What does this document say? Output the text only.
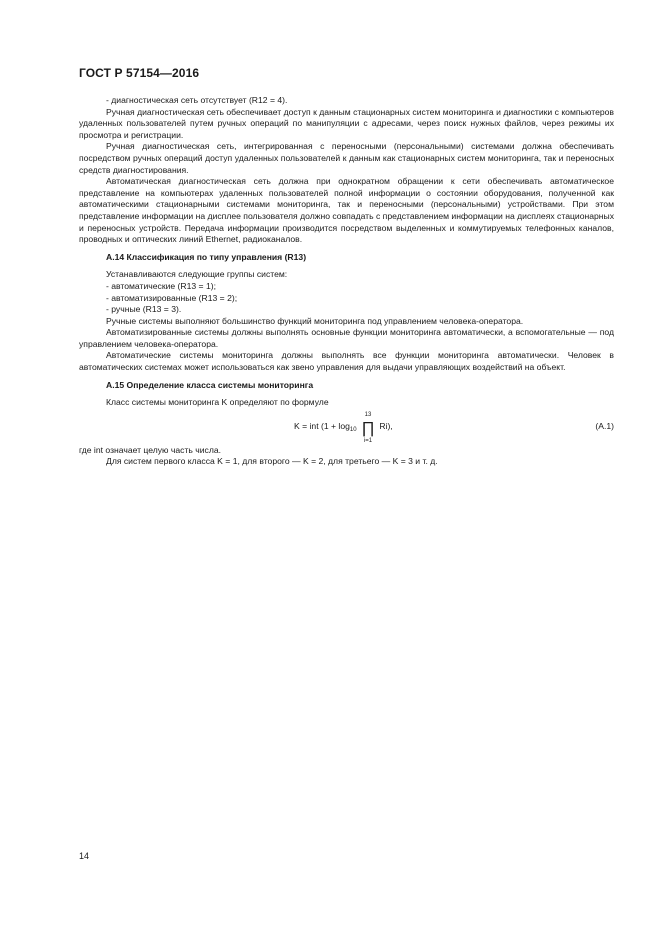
ГОСТ Р 57154—2016

- диагностическая сеть отсутствует (R12 = 4).

Ручная диагностическая сеть обеспечивает доступ к данным стационарных систем мониторинга и диагностики с компьютеров удаленных пользователей путем ручных операций по манипуляции с адресами, через поиск нужных файлов, через режимы их просмотра и регистрации.

Ручная диагностическая сеть, интегрированная с переносными (персональными) системами должна обеспечивать посредством ручных операций доступ удаленных пользователей к данным как стационарных систем мониторинга, так и переносных средств диагностирования.

Автоматическая диагностическая сеть должна при однократном обращении к сети обеспечивать автоматическое представление на компьютерах удаленных пользователей полной информации о состоянии оборудования, полученной как автоматическими стационарными системами мониторинга, так и переносными (персональными) устройствами. При этом представление информации на дисплее пользователя должно совпадать с представлением информации на дисплеях стационарных и переносных устройств. Передача информации производится посредством выделенных и коммутируемых телефонных каналов, проводных и оптических линий Ethernet, радиоканалов.

А.14 Классификация по типу управления (R13)

Устанавливаются следующие группы систем:

- автоматические (R13 = 1);

- автоматизированные (R13 = 2);

- ручные (R13 = 3).

Ручные системы выполняют большинство функций мониторинга под управлением человека-оператора.

Автоматизированные системы должны выполнять основные функции мониторинга автоматически, а вспомогательные — под управлением человека-оператора.

Автоматические системы мониторинга должны выполнять все функции мониторинга автоматически. Человек в автоматических системах может использоваться как звено управления для выдачи управляющих воздействий на объект.

А.15 Определение класса системы мониторинга

Класс системы мониторинга K определяют по формуле

K = int ($1 + \log_{10}$
13
∏
i=1
Ri),	(А.1)

где int означает целую часть числа.

Для систем первого класса K = 1, для второго — K = 2, для третьего — K = 3 и т. д.

14
